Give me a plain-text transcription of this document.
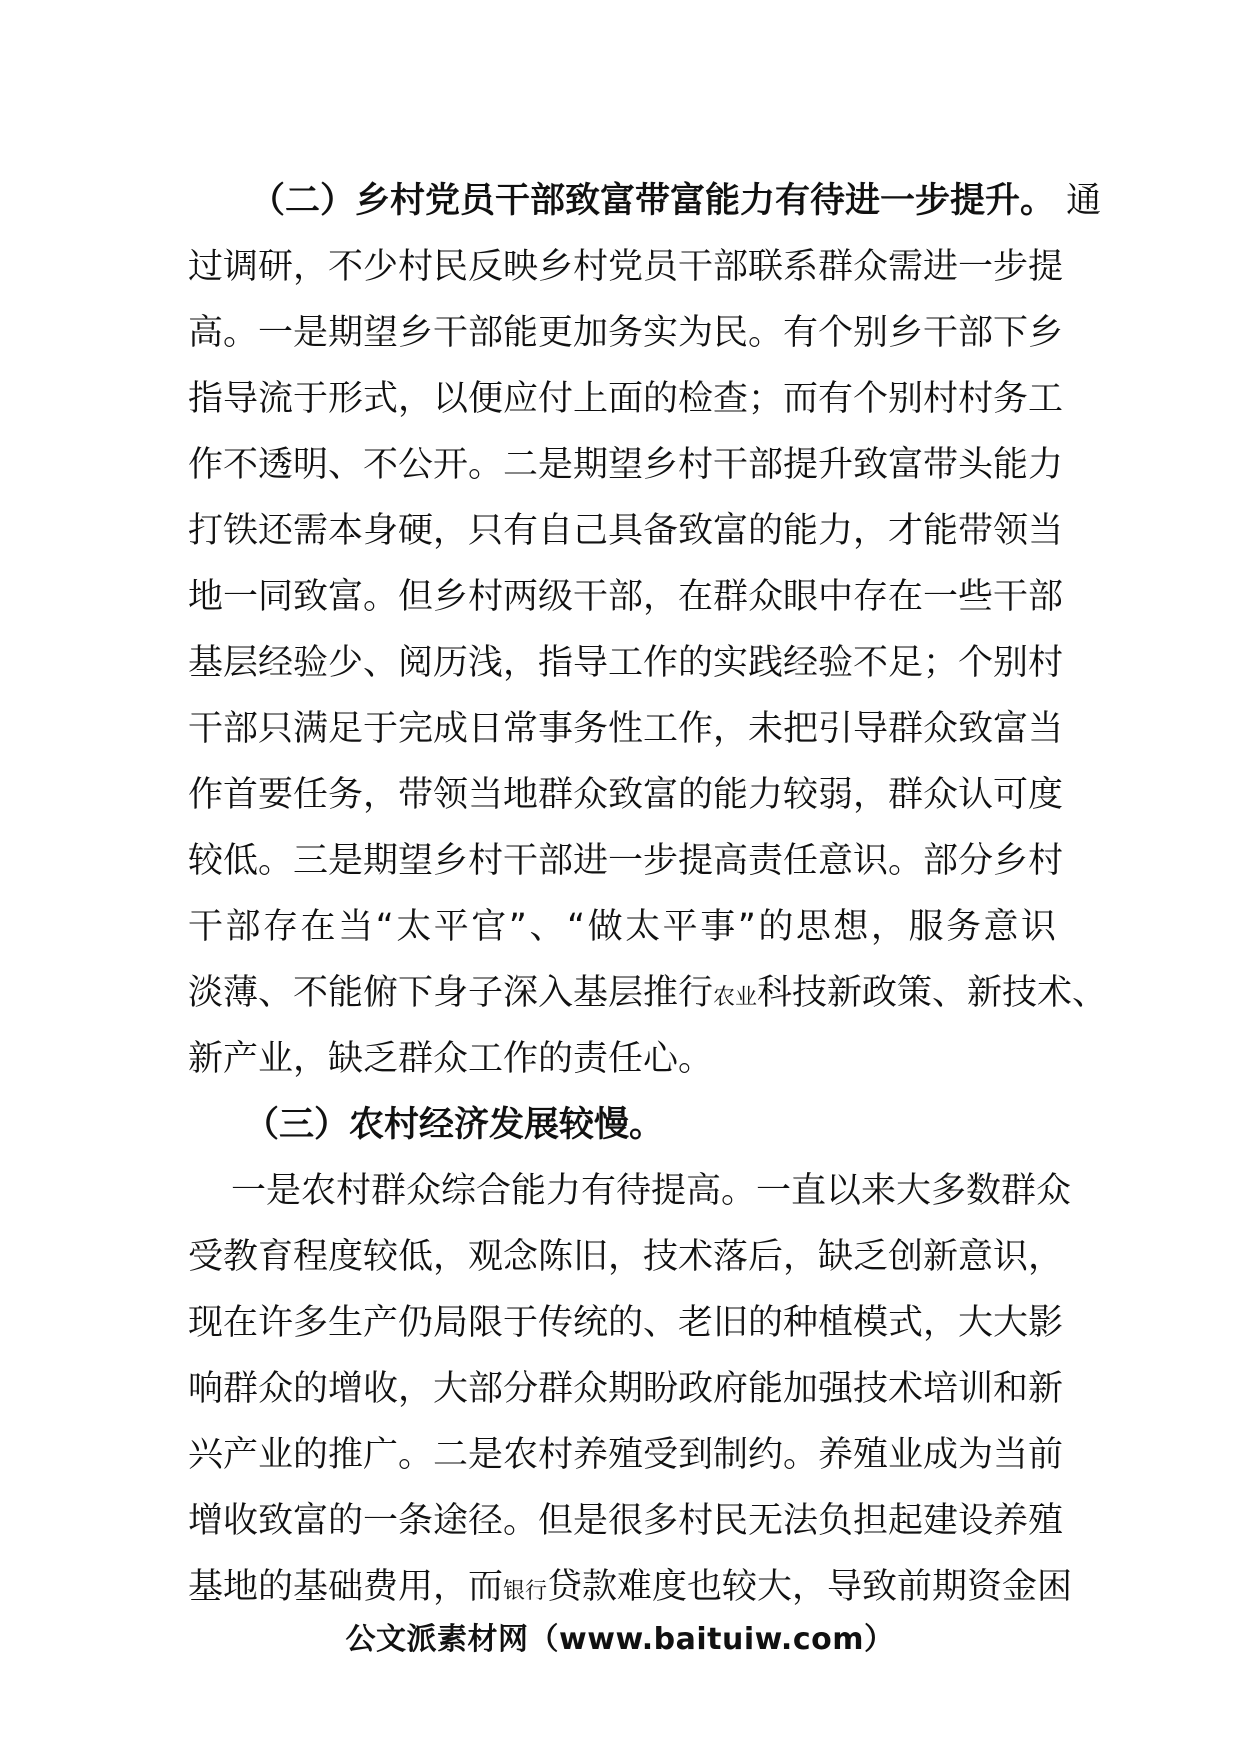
（二）乡村党员干部致富带富能力有待进一步提升。 通
过调研，不少村民反映乡村党员干部联系群众需进一步提
高。一是期望乡干部能更加务实为民。有个别乡干部下乡
指导流于形式，以便应付上面的检查；而有个别村村务工
作不透明、不公开。二是期望乡村干部提升致富带头能力
打铁还需本身硬，只有自己具备致富的能力，才能带领当
地一同致富。但乡村两级干部，在群众眼中存在一些干部
基层经验少、阅历浅，指导工作的实践经验不足；个别村
干部只满足于完成日常事务性工作，未把引导群众致富当
作首要任务，带领当地群众致富的能力较弱，群众认可度
较低。三是期望乡村干部进一步提高责任意识。部分乡村
干部存在当“太平官”、“做太平事”的思想，服务意识
淡薄、不能俯下身子深入基层推行农业科技新政策、新技术、
新产业，缺乏群众工作的责任心。
（三）农村经济发展较慢。
一是农村群众综合能力有待提高。一直以来大多数群众
受教育程度较低，观念陈旧，技术落后，缺乏创新意识，
现在许多生产仍局限于传统的、老旧的种植模式，大大影
响群众的增收，大部分群众期盼政府能加强技术培训和新
兴产业的推广。二是农村养殖受到制约。养殖业成为当前
增收致富的一条途径。但是很多村民无法负担起建设养殖
基地的基础费用，而银行贷款难度也较大，导致前期资金困
公文派素材网（www.baituiw.com）
